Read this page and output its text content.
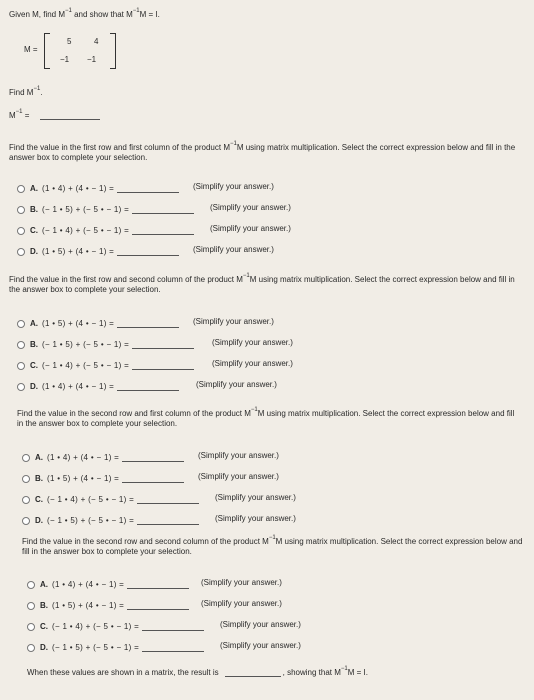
Given M, find $M^{-1}$ and show that $M^{-1}M = I$.
M =
5	4
−1 −1
Find $M^{-1}$.
$M^{-1}$ =
Find the value in the first row and first column of the product $M^{-1}M$ using matrix multiplication. Select the correct expression below and fill in the answer box to complete your selection.
A. (1 • 4) + (4 • − 1) =	(Simplify your answer.)
B. (− 1 • 5) + (− 5 • − 1) =	(Simplify your answer.)
C. (− 1 • 4) + (− 5 • − 1) =	(Simplify your answer.)
D. (1 • 5) + (4 • − 1) =	(Simplify your answer.)
Find the value in the first row and second column of the product $M^{-1}M$ using matrix multiplication. Select the correct expression below and fill in the answer box to complete your selection.
A. (1 • 5) + (4 • − 1) =	(Simplify your answer.)
B. (− 1 • 5) + (− 5 • − 1) =	(Simplify your answer.)
C. (− 1 • 4) + (− 5 • − 1) =	(Simplify your answer.)
D. (1 • 4) + (4 • − 1) =	(Simplify your answer.)
Find the value in the second row and first column of the product $M^{-1}M$ using matrix multiplication. Select the correct expression below and fill in the answer box to complete your selection.
A. (1 • 4) + (4 • − 1) =	(Simplify your answer.)
B. (1 • 5) + (4 • − 1) =	(Simplify your answer.)
C. (− 1 • 4) + (− 5 • − 1) =	(Simplify your answer.)
D. (− 1 • 5) + (− 5 • − 1) =	(Simplify your answer.)
Find the value in the second row and second column of the product $M^{-1}M$ using matrix multiplication. Select the correct expression below and fill in the answer box to complete your selection.
A. (1 • 4) + (4 • − 1) =	(Simplify your answer.)
B. (1 • 5) + (4 • − 1) =	(Simplify your answer.)
C. (− 1 • 4) + (− 5 • − 1) =	(Simplify your answer.)
D. (− 1 • 5) + (− 5 • − 1) =	(Simplify your answer.)
When these values are shown in a matrix, the result is	, showing that $M^{-1}M = I$.
